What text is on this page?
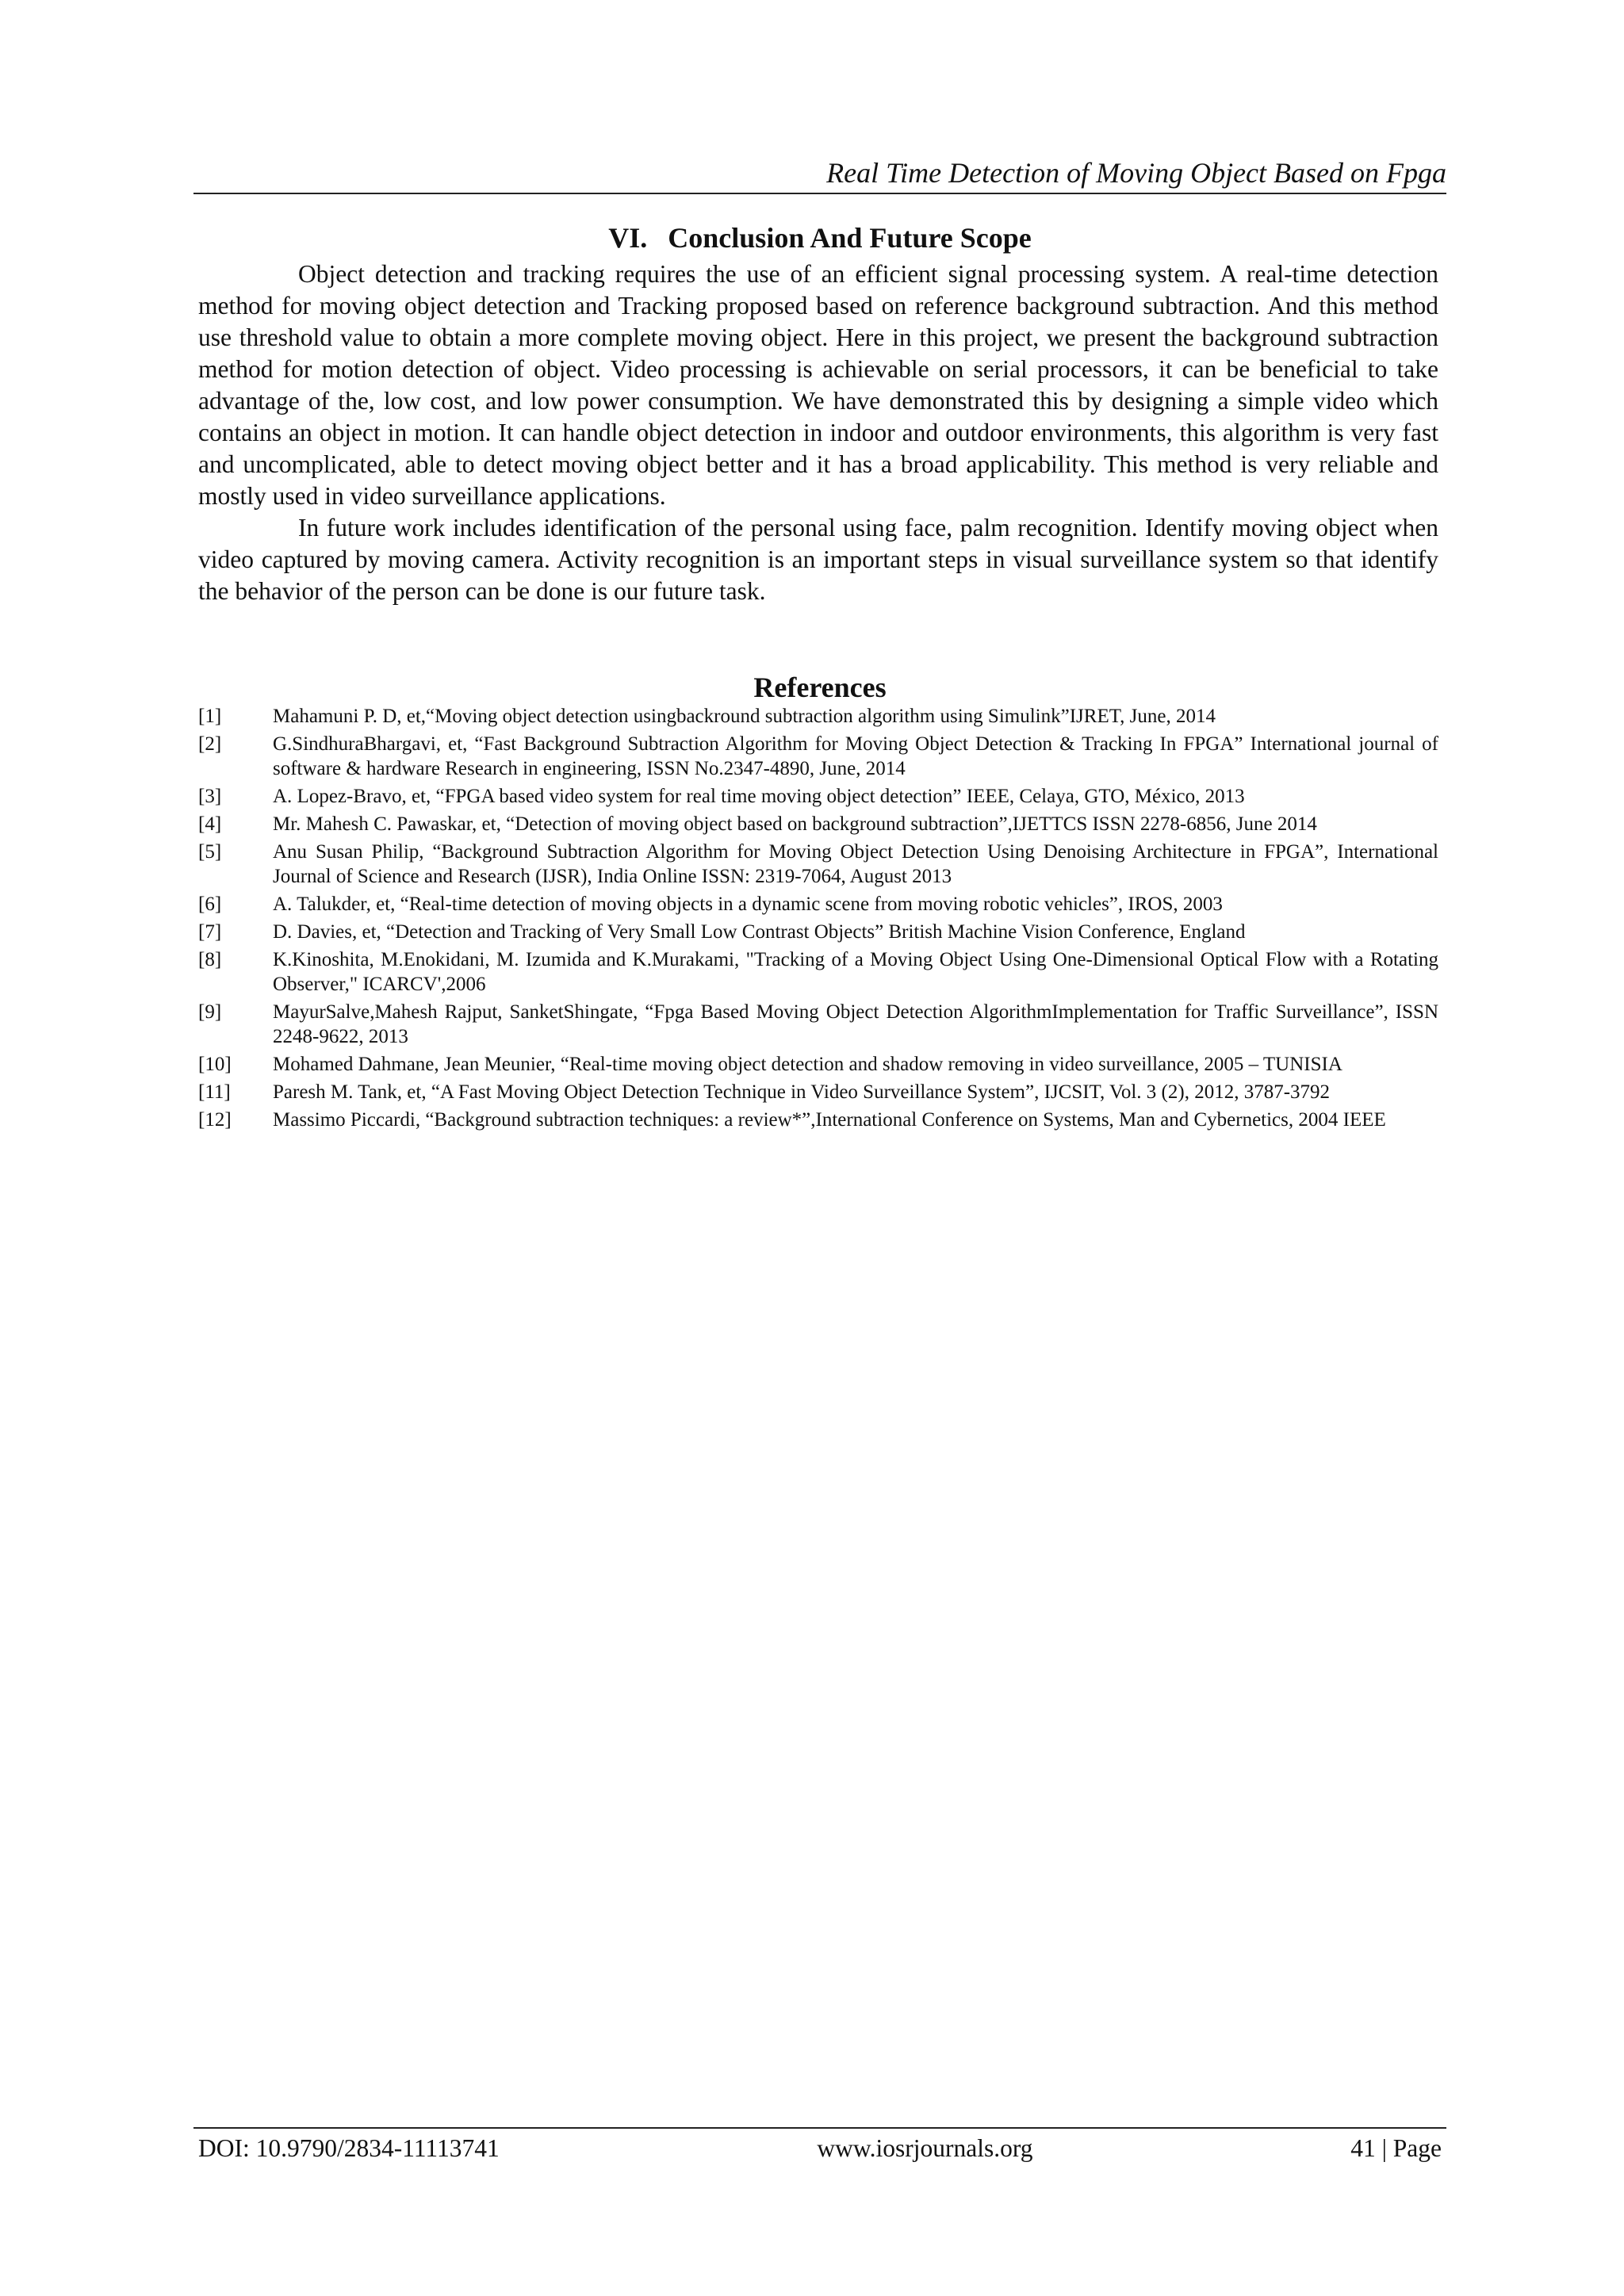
Real Time Detection of Moving Object Based on Fpga
VI. Conclusion And Future Scope

Object detection and tracking requires the use of an efficient signal processing system. A real-time detection method for moving object detection and Tracking proposed based on reference background subtraction. And this method use threshold value to obtain a more complete moving object. Here in this project, we present the background subtraction method for motion detection of object. Video processing is achievable on serial processors, it can be beneficial to take advantage of the, low cost, and low power consumption. We have demonstrated this by designing a simple video which contains an object in motion. It can handle object detection in indoor and outdoor environments, this algorithm is very fast and uncomplicated, able to detect moving object better and it has a broad applicability. This method is very reliable and mostly used in video surveillance applications.

In future work includes identification of the personal using face, palm recognition. Identify moving object when video captured by moving camera. Activity recognition is an important steps in visual surveillance system so that identify the behavior of the person can be done is our future task.

References
[1]	Mahamuni P. D, et,“Moving object detection usingbackround subtraction algorithm using Simulink”IJRET, June, 2014
[2]	G.SindhuraBhargavi, et, “Fast Background Subtraction Algorithm for Moving Object Detection & Tracking In FPGA” International journal of software & hardware Research in engineering, ISSN No.2347-4890, June, 2014
[3]	A. Lopez-Bravo, et, “FPGA based video system for real time moving object detection” IEEE, Celaya, GTO, México, 2013
[4]	Mr. Mahesh C. Pawaskar, et, “Detection of moving object based on background subtraction”,IJETTCS ISSN 2278-6856, June 2014
[5]	Anu Susan Philip, “Background Subtraction Algorithm for Moving Object Detection Using Denoising Architecture in FPGA”, International Journal of Science and Research (IJSR), India Online ISSN: 2319-7064, August 2013
[6]	A. Talukder, et, “Real-time detection of moving objects in a dynamic scene from moving robotic vehicles”, IROS, 2003
[7]	D. Davies, et, “Detection and Tracking of Very Small Low Contrast Objects” British Machine Vision Conference, England
[8]	K.Kinoshita, M.Enokidani, M. Izumida and K.Murakami, "Tracking of a Moving Object Using One-Dimensional Optical Flow with a Rotating Observer," ICARCV',2006
[9]	MayurSalve,Mahesh Rajput, SanketShingate, “Fpga Based Moving Object Detection AlgorithmImplementation for Traffic Surveillance”, ISSN 2248-9622, 2013
[10]	Mohamed Dahmane, Jean Meunier, “Real-time moving object detection and shadow removing in video surveillance, 2005 – TUNISIA
[11]	Paresh M. Tank, et, “A Fast Moving Object Detection Technique in Video Surveillance System”, IJCSIT, Vol. 3 (2), 2012, 3787-3792
[12]	Massimo Piccardi, “Background subtraction techniques: a review*”,International Conference on Systems, Man and Cybernetics, 2004 IEEE
DOI: 10.9790/2834-11113741	www.iosrjournals.org	41 | Page
